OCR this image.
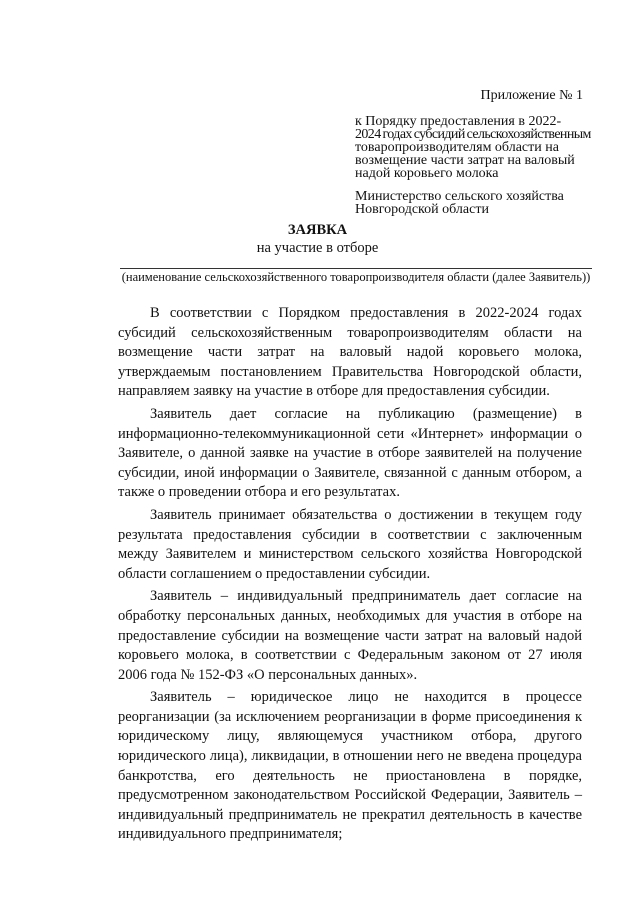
Приложение № 1
к Порядку предоставления в 2022-
2024 годах субсидий сельскохозяйственным
товаропроизводителям области на
возмещение части затрат на валовый
надой коровьего молока
Министерство сельского хозяйства
Новгородской области
ЗАЯВКА
на участие в отборе
(наименование сельскохозяйственного товаропроизводителя области (далее Заявитель))

В соответствии с Порядком предоставления в 2022-2024 годах субсидий сельскохозяйственным товаропроизводителям области на возмещение части затрат на валовый надой коровьего молока, утверждаемым постановлением Правительства Новгородской области, направляем заявку на участие в отборе для предоставления субсидии.

Заявитель дает согласие на публикацию (размещение) в информационно-телекоммуникационной сети «Интернет» информации о Заявителе, о данной заявке на участие в отборе заявителей на получение субсидии, иной информации о Заявителе, связанной с данным отбором, а также о проведении отбора и его результатах.

Заявитель принимает обязательства о достижении в текущем году результата предоставления субсидии в соответствии с заключенным между Заявителем и министерством сельского хозяйства Новгородской области соглашением о предоставлении субсидии.

Заявитель – индивидуальный предприниматель дает согласие на обработку персональных данных, необходимых для участия в отборе на предоставление субсидии на возмещение части затрат на валовый надой коровьего молока, в соответствии с Федеральным законом от 27 июля 2006 года № 152-ФЗ «О персональных данных».

Заявитель – юридическое лицо не находится в процессе реорганизации (за исключением реорганизации в форме присоединения к юридическому лицу, являющемуся участником отбора, другого юридического лица), ликвидации, в отношении него не введена процедура банкротства, его деятельность не приостановлена в порядке, предусмотренном законодательством Российской Федерации, Заявитель – индивидуальный предприниматель не прекратил деятельность в качестве индивидуального предпринимателя;
